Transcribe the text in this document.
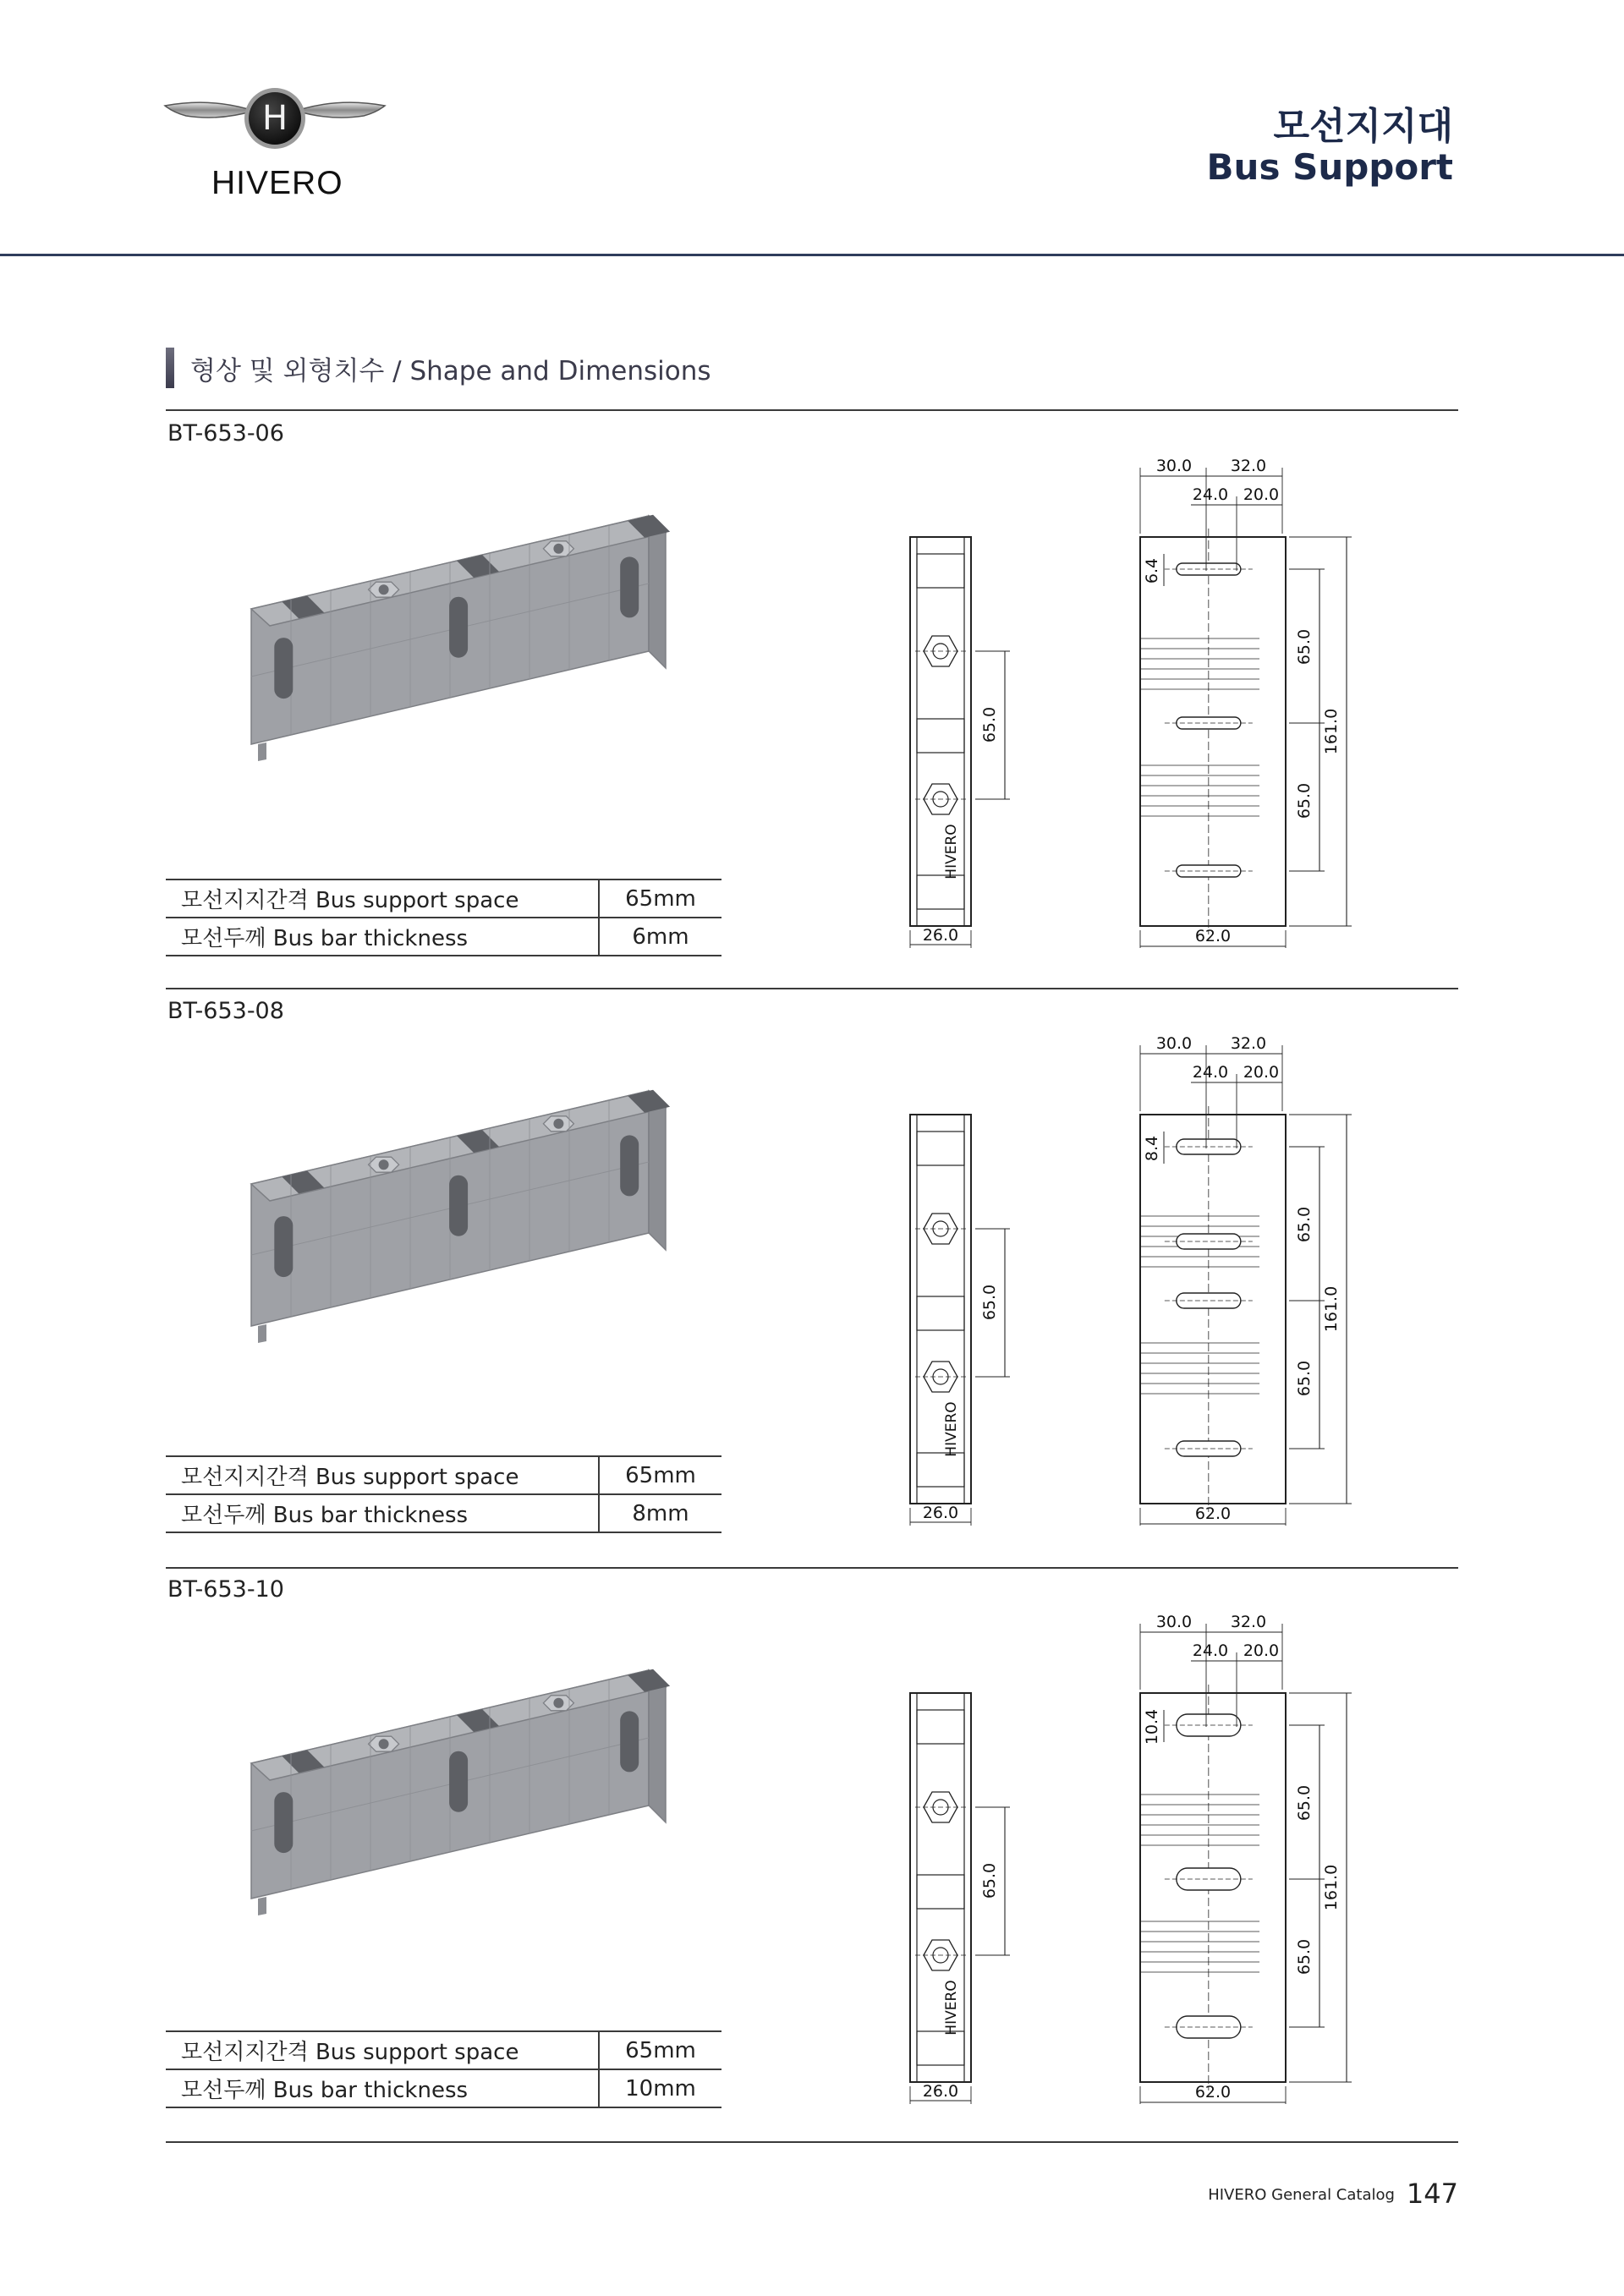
H
HIVERO
모선지지대
Bus Support
형상 및 외형치수 / Shape and Dimensions
BT-653-06
모선지지간격 Bus support space	65mm
모선두께 Bus bar thickness	6mm
BT-653-08
모선지지간격 Bus support space	65mm
모선두께 Bus bar thickness	8mm
BT-653-10
모선지지간격 Bus support space	65mm
모선두께 Bus bar thickness	10mm
65.0
HIVERO
26.0
30.0 32.0
24.0 20.0
6.4
65.0
65.0
161.0
62.0
65.0
HIVERO
26.0
30.0 32.0
24.0 20.0
8.4
65.0
65.0
161.0
62.0
65.0
HIVERO
26.0
30.0 32.0
24.0 20.0
10.4
65.0
65.0
161.0
62.0
HIVERO General Catalog 147
